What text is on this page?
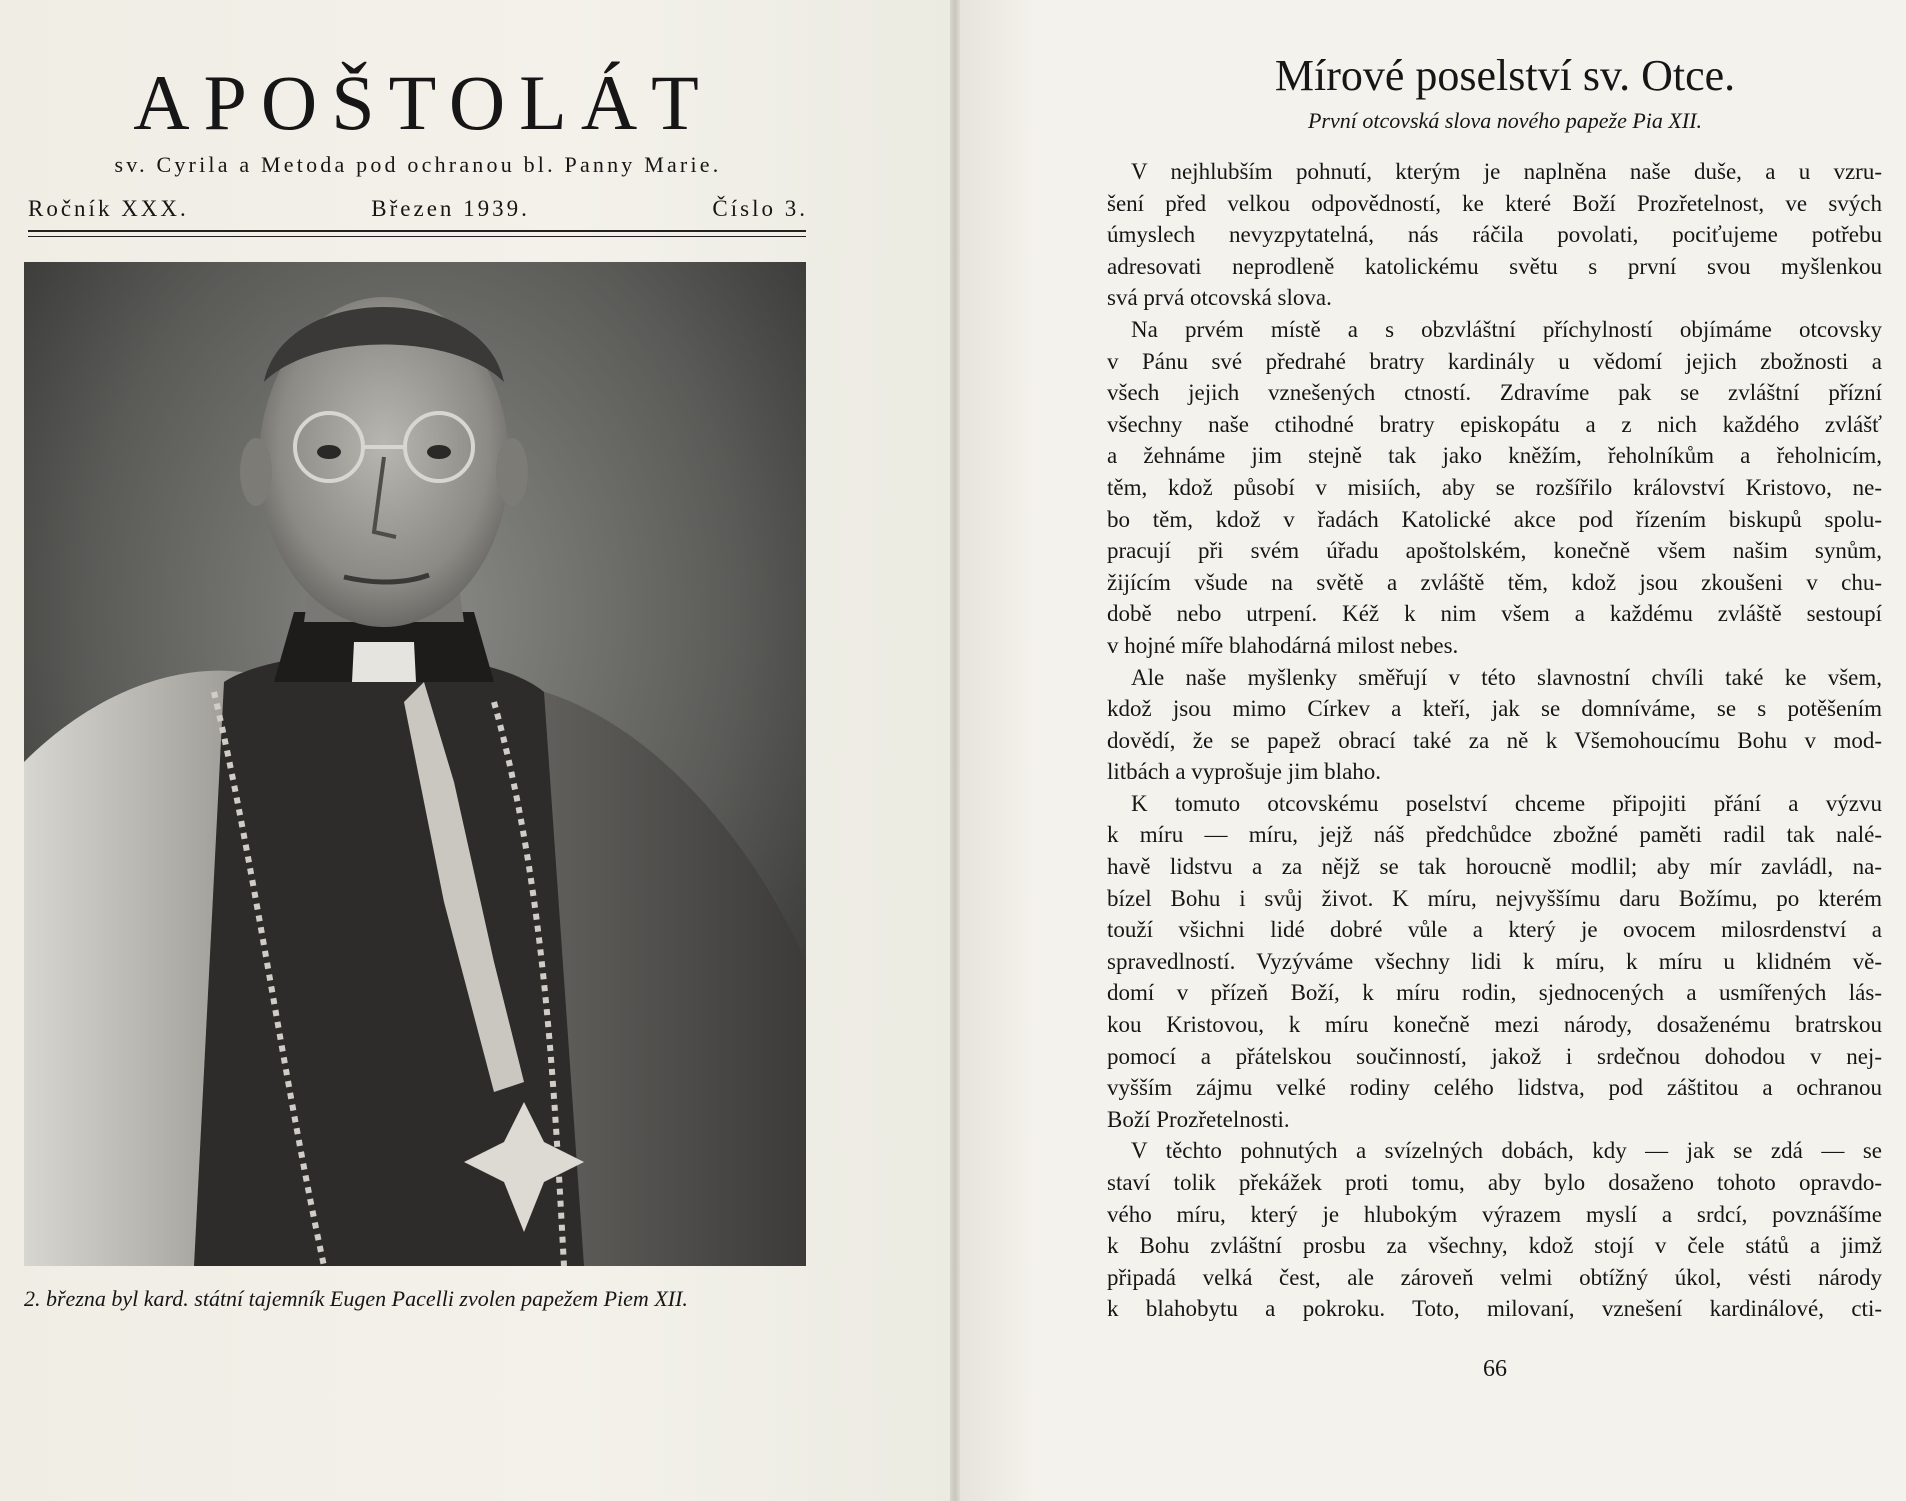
APOŠTOLÁT
sv. Cyrila a Metoda pod ochranou bl. Panny Marie.
Ročník XXX.	Březen 1939.	Číslo 3.
2. března byl kard. státní tajemník Eugen Pacelli zvolen papežem Piem XII.
Mírové poselství sv. Otce.
První otcovská slova nového papeže Pia XII.
V nejhlubším pohnutí, kterým je naplněna naše duše, a u vzru-
šení před velkou odpovědností, ke které Boží Prozřetelnost, ve svých
úmyslech nevyzpytatelná, nás ráčila povolati, pociťujeme potřebu
adresovati neprodleně katolickému světu s první svou myšlenkou
svá prvá otcovská slova.
Na prvém místě a s obzvláštní příchylností objímáme otcovsky
v Pánu své předrahé bratry kardinály u vědomí jejich zbožnosti a
všech jejich vznešených ctností. Zdravíme pak se zvláštní přízní
všechny naše ctihodné bratry episkopátu a z nich každého zvlášť
a žehnáme jim stejně tak jako kněžím, řeholníkům a řeholnicím,
těm, kdož působí v misiích, aby se rozšířilo království Kristovo, ne-
bo těm, kdož v řadách Katolické akce pod řízením biskupů spolu-
pracují při svém úřadu apoštolském, konečně všem našim synům,
žijícím všude na světě a zvláště těm, kdož jsou zkoušeni v chu-
době nebo utrpení. Kéž k nim všem a každému zvláště sestoupí
v hojné míře blahodárná milost nebes.
Ale naše myšlenky směřují v této slavnostní chvíli také ke všem,
kdož jsou mimo Církev a kteří, jak se domníváme, se s potěšením
dovědí, že se papež obrací také za ně k Všemohoucímu Bohu v mod-
litbách a vyprošuje jim blaho.
K tomuto otcovskému poselství chceme připojiti přání a výzvu
k míru — míru, jejž náš předchůdce zbožné paměti radil tak nalé-
havě lidstvu a za nějž se tak horoucně modlil; aby mír zavládl, na-
bízel Bohu i svůj život. K míru, nejvyššímu daru Božímu, po kterém
touží všichni lidé dobré vůle a který je ovocem milosrdenství a
spravedlností. Vyzýváme všechny lidi k míru, k míru u klidném vě-
domí v přízeň Boží, k míru rodin, sjednocených a usmířených lás-
kou Kristovou, k míru konečně mezi národy, dosaženému bratrskou
pomocí a přátelskou součinností, jakož i srdečnou dohodou v nej-
vyšším zájmu velké rodiny celého lidstva, pod záštitou a ochranou
Boží Prozřetelnosti.
V těchto pohnutých a svízelných dobách, kdy — jak se zdá — se
staví tolik překážek proti tomu, aby bylo dosaženo tohoto opravdo-
vého míru, který je hlubokým výrazem myslí a srdcí, povznášíme
k Bohu zvláštní prosbu za všechny, kdož stojí v čele států a jimž
připadá velká čest, ale zároveň velmi obtížný úkol, vésti národy
k blahobytu a pokroku. Toto, milovaní, vznešení kardinálové, cti-
66
